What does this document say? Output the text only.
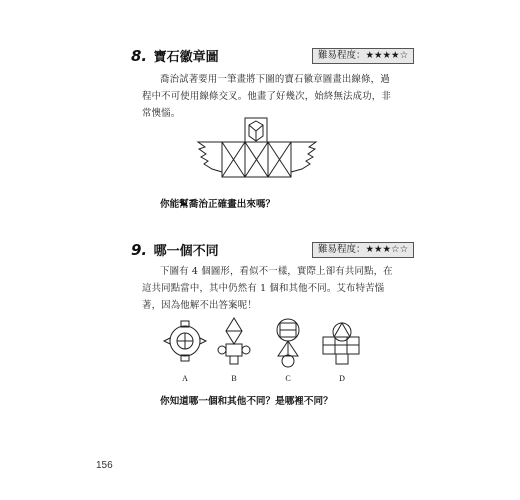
8. 寶石徽章圖	難易程度：★★★★☆
喬治試著要用一筆畫將下圖的寶石徽章圖畫出線條，過程中不可使用線條交叉。他畫了好幾次，始終無法成功，非常懊惱。
你能幫喬治正確畫出來嗎？
9. 哪一個不同	難易程度：★★★☆☆
下圖有 4 個圖形，看似不一樣，實際上卻有共同點，在這共同點當中，其中仍然有 1 個和其他不同。艾布特苦惱著，因為他解不出答案呢！
A	B	C	D
你知道哪一個和其他不同？是哪裡不同？
156
